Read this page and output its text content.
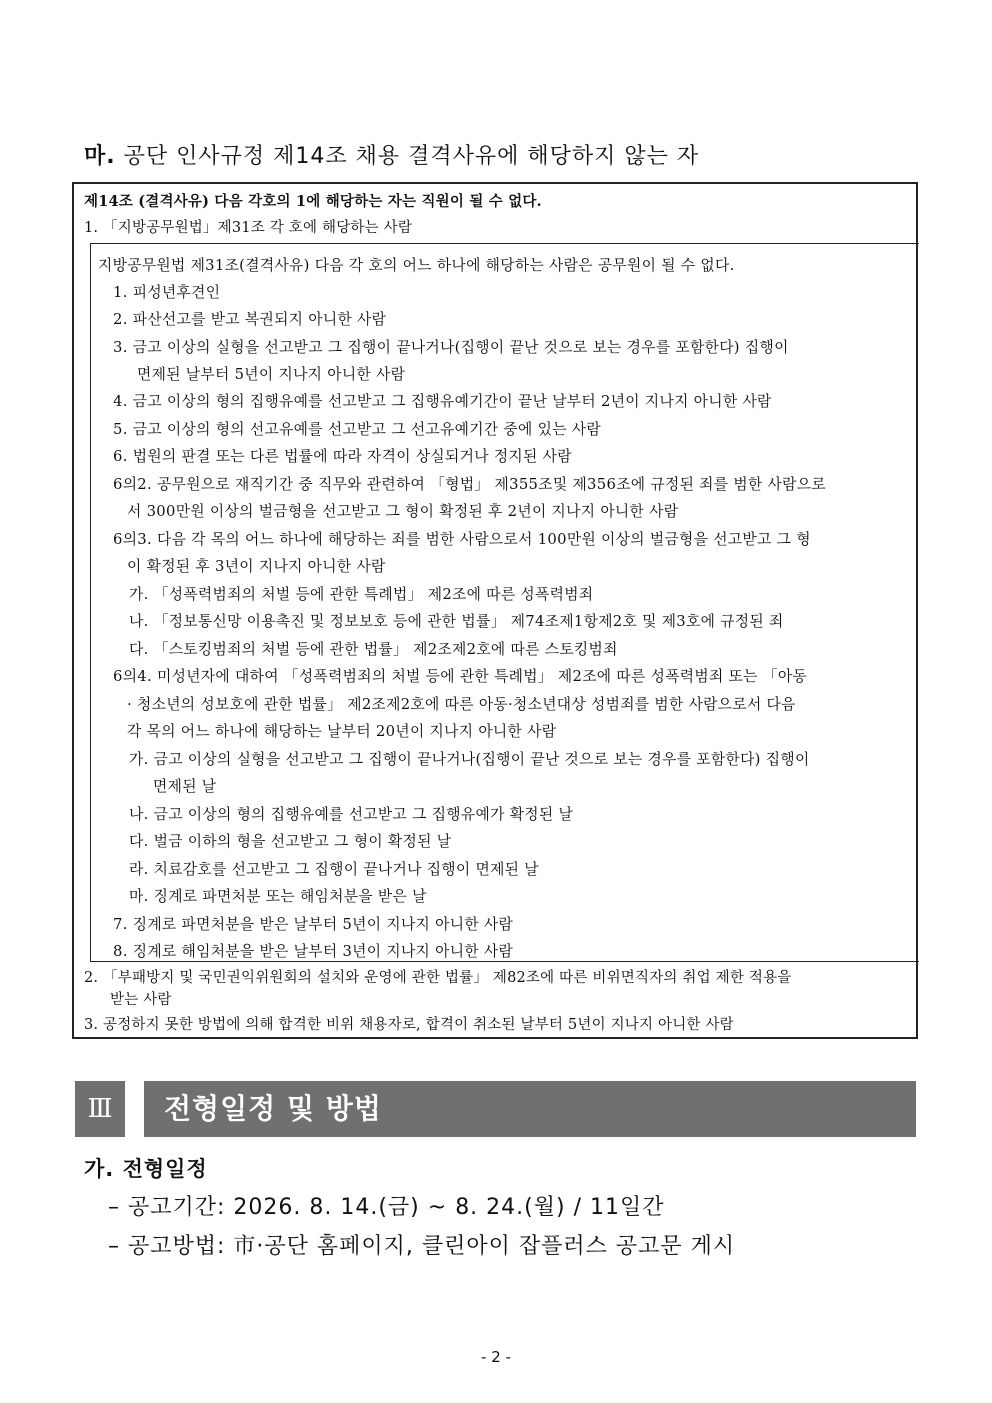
마. 공단 인사규정 제14조 채용 결격사유에 해당하지 않는 자
제14조 (결격사유) 다음 각호의 1에 해당하는 자는 직원이 될 수 없다.
1. 「지방공무원법」제31조 각 호에 해당하는 사람
지방공무원법 제31조(결격사유) 다음 각 호의 어느 하나에 해당하는 사람은 공무원이 될 수 없다.
1. 피성년후견인
2. 파산선고를 받고 복권되지 아니한 사람
3. 금고 이상의 실형을 선고받고 그 집행이 끝나거나(집행이 끝난 것으로 보는 경우를 포함한다) 집행이
면제된 날부터 5년이 지나지 아니한 사람
4. 금고 이상의 형의 집행유예를 선고받고 그 집행유예기간이 끝난 날부터 2년이 지나지 아니한 사람
5. 금고 이상의 형의 선고유예를 선고받고 그 선고유예기간 중에 있는 사람
6. 법원의 판결 또는 다른 법률에 따라 자격이 상실되거나 정지된 사람
6의2. 공무원으로 재직기간 중 직무와 관련하여 「형법」 제355조및 제356조에 규정된 죄를 범한 사람으로
서 300만원 이상의 벌금형을 선고받고 그 형이 확정된 후 2년이 지나지 아니한 사람
6의3. 다음 각 목의 어느 하나에 해당하는 죄를 범한 사람으로서 100만원 이상의 벌금형을 선고받고 그 형
이 확정된 후 3년이 지나지 아니한 사람
가. 「성폭력범죄의 처벌 등에 관한 특례법」 제2조에 따른 성폭력범죄
나. 「정보통신망 이용촉진 및 정보보호 등에 관한 법률」 제74조제1항제2호 및 제3호에 규정된 죄
다. 「스토킹범죄의 처벌 등에 관한 법률」 제2조제2호에 따른 스토킹범죄
6의4. 미성년자에 대하여 「성폭력범죄의 처벌 등에 관한 특례법」 제2조에 따른 성폭력범죄 또는 「아동
· 청소년의 성보호에 관한 법률」 제2조제2호에 따른 아동·청소년대상 성범죄를 범한 사람으로서 다음
각 목의 어느 하나에 해당하는 날부터 20년이 지나지 아니한 사람
가. 금고 이상의 실형을 선고받고 그 집행이 끝나거나(집행이 끝난 것으로 보는 경우를 포함한다) 집행이
면제된 날
나. 금고 이상의 형의 집행유예를 선고받고 그 집행유예가 확정된 날
다. 벌금 이하의 형을 선고받고 그 형이 확정된 날
라. 치료감호를 선고받고 그 집행이 끝나거나 집행이 면제된 날
마. 징계로 파면처분 또는 해임처분을 받은 날
7. 징계로 파면처분을 받은 날부터 5년이 지나지 아니한 사람
8. 징계로 해임처분을 받은 날부터 3년이 지나지 아니한 사람
2. 「부패방지 및 국민권익위원회의 설치와 운영에 관한 법률」 제82조에 따른 비위면직자의 취업 제한 적용을
받는 사람
3. 공정하지 못한 방법에 의해 합격한 비위 채용자로, 합격이 취소된 날부터 5년이 지나지 아니한 사람
Ⅲ	전형일정 및 방법
가. 전형일정
– 공고기간: 2026. 8. 14.(금) ~ 8. 24.(월) / 11일간
– 공고방법: 市·공단 홈페이지, 클린아이 잡플러스 공고문 게시
- 2 -
